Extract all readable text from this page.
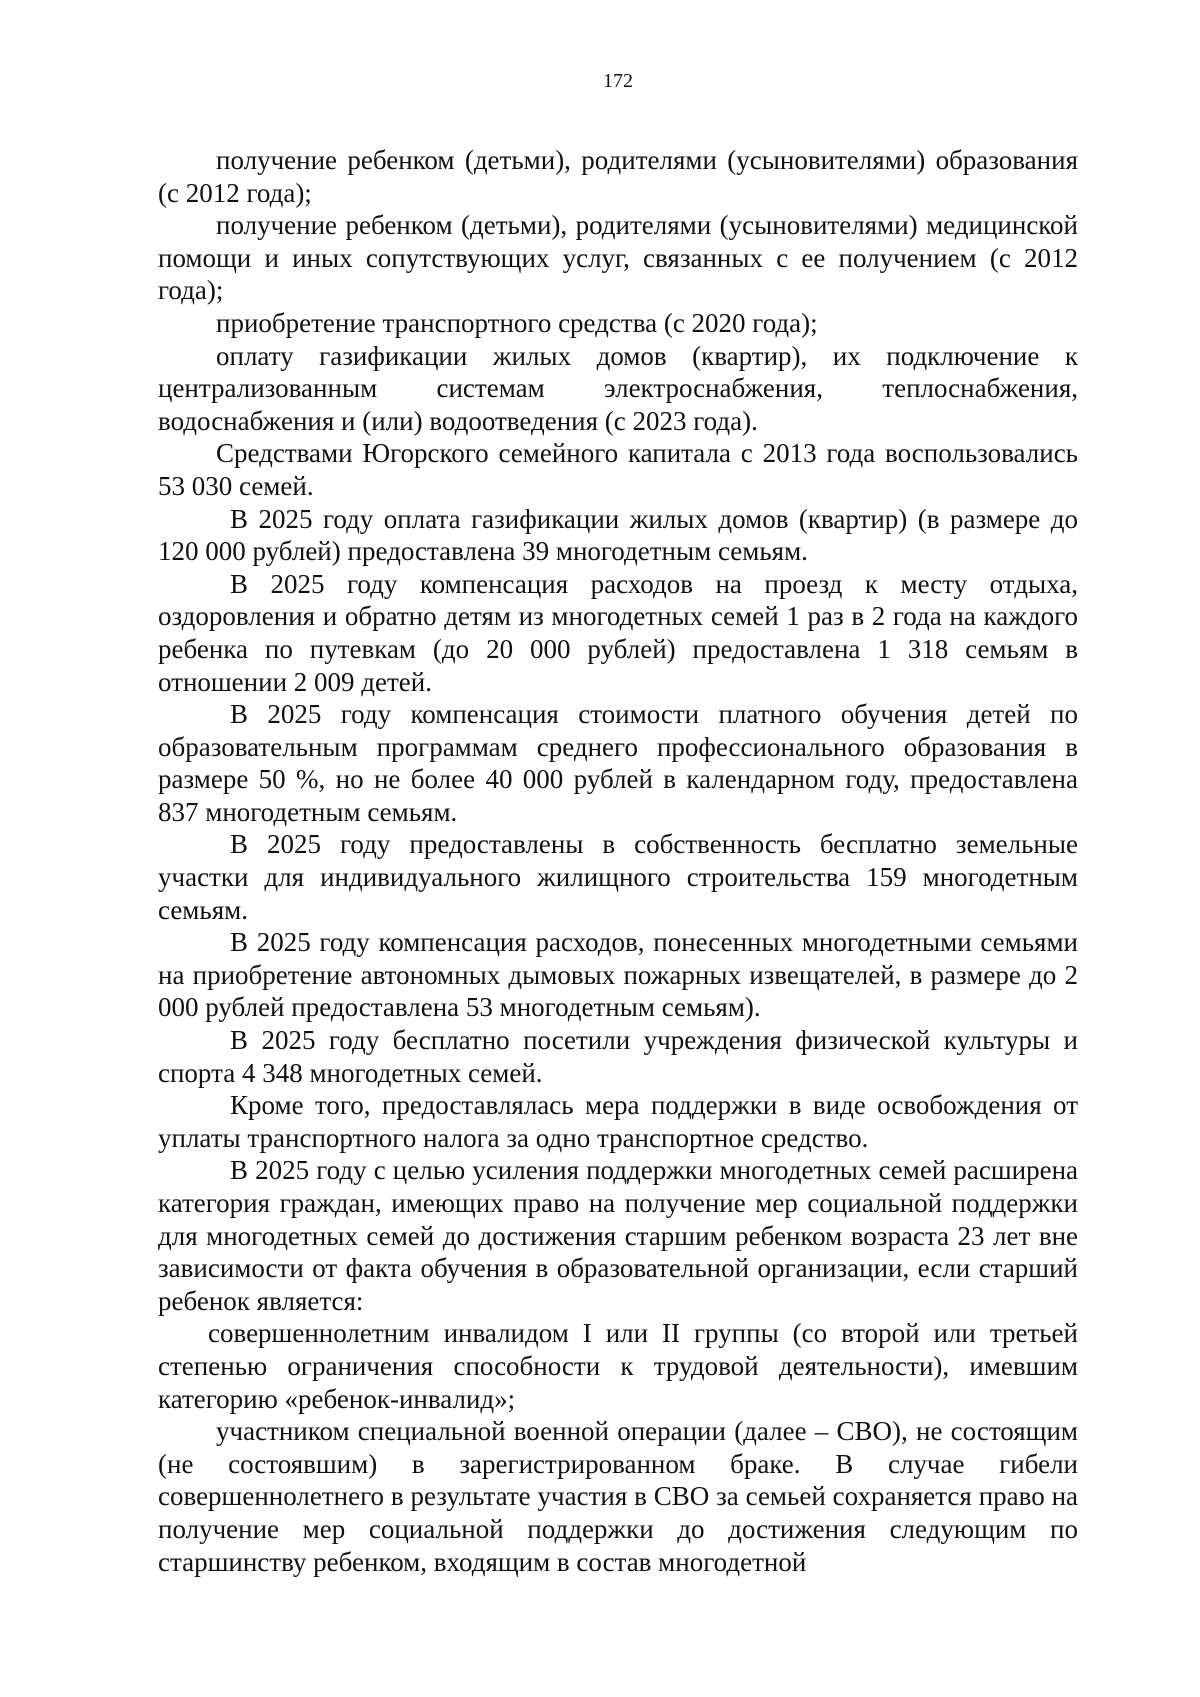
172

получение ребенком (детьми), родителями (усыновителями) образования (с 2012 года);

получение ребенком (детьми), родителями (усыновителями) медицинской помощи и иных сопутствующих услуг, связанных с ее получением (с 2012 года);

приобретение транспортного средства (с 2020 года);

оплату газификации жилых домов (квартир), их подключение к централизованным системам электроснабжения, теплоснабжения, водоснабжения и (или) водоотведения (с 2023 года).

Средствами Югорского семейного капитала с 2013 года воспользовались 53 030 семей.

В 2025 году оплата газификации жилых домов (квартир) (в размере до 120 000 рублей) предоставлена 39 многодетным семьям.

В 2025 году компенсация расходов на проезд к месту отдыха, оздоровления и обратно детям из многодетных семей 1 раз в 2 года на каждого ребенка по путевкам (до 20 000 рублей) предоставлена 1 318 семьям в отношении 2 009 детей.

В 2025 году компенсация стоимости платного обучения детей по образовательным программам среднего профессионального образования в размере 50 %, но не более 40 000 рублей в календарном году, предоставлена 837 многодетным семьям.

В 2025 году предоставлены в собственность бесплатно земельные участки для индивидуального жилищного строительства 159 многодетным семьям.

В 2025 году компенсация расходов, понесенных многодетными семьями на приобретение автономных дымовых пожарных извещателей, в размере до 2 000 рублей предоставлена 53 многодетным семьям).

В 2025 году бесплатно посетили учреждения физической культуры и спорта 4 348 многодетных семей.

Кроме того, предоставлялась мера поддержки в виде освобождения от уплаты транспортного налога за одно транспортное средство.

В 2025 году с целью усиления поддержки многодетных семей расширена категория граждан, имеющих право на получение мер социальной поддержки для многодетных семей до достижения старшим ребенком возраста 23 лет вне зависимости от факта обучения в образовательной организации, если старший ребенок является:

совершеннолетним инвалидом I или II группы (со второй или третьей степенью ограничения способности к трудовой деятельности), имевшим категорию «ребенок-инвалид»;

участником специальной военной операции (далее – СВО), не состоящим (не состоявшим) в зарегистрированном браке. В случае гибели совершеннолетнего в результате участия в СВО за семьей сохраняется право на получение мер социальной поддержки до достижения следующим по старшинству ребенком, входящим в состав многодетной
